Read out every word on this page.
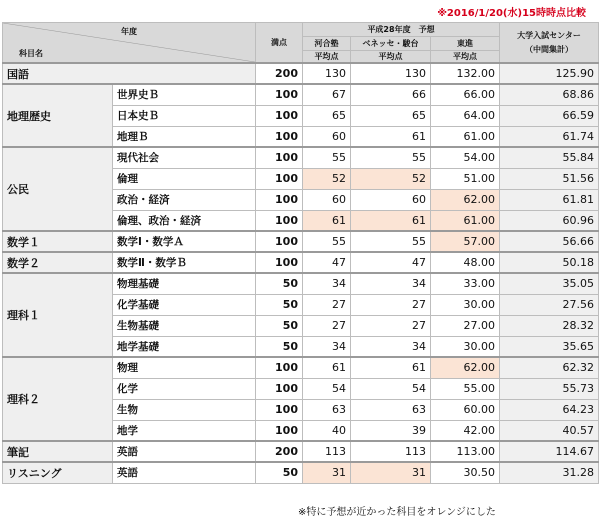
※2016/1/20(水)15時時点比較
年度
科目名		満点	平成28年度　予想			大学入試センター
（中間集計）
			河合塾	ベネッセ・駿台	東進	
			平均点	平均点	平均点	
国語		200	130	130	132.00	125.90
地理歴史	世界史Ｂ	100	67	66	66.00	68.86
	日本史Ｂ	100	65	65	64.00	66.59
	地理Ｂ	100	60	61	61.00	61.74
公民	現代社会	100	55	55	54.00	55.84
	倫理	100	52	52	51.00	51.56
	政治・経済	100	60	60	62.00	61.81
	倫理、政治・経済	100	61	61	61.00	60.96
数学１	数学Ⅰ・数学Ａ	100	55	55	57.00	56.66
数学２	数学Ⅱ・数学Ｂ	100	47	47	48.00	50.18
理科１	物理基礎	50	34	34	33.00	35.05
	化学基礎	50	27	27	30.00	27.56
	生物基礎	50	27	27	27.00	28.32
	地学基礎	50	34	34	30.00	35.65
理科２	物理	100	61	61	62.00	62.32
	化学	100	54	54	55.00	55.73
	生物	100	63	63	60.00	64.23
	地学	100	40	39	42.00	40.57
筆記	英語	200	113	113	113.00	114.67
リスニング	英語	50	31	31	30.50	31.28
※特に予想が近かった科目をオレンジにした
